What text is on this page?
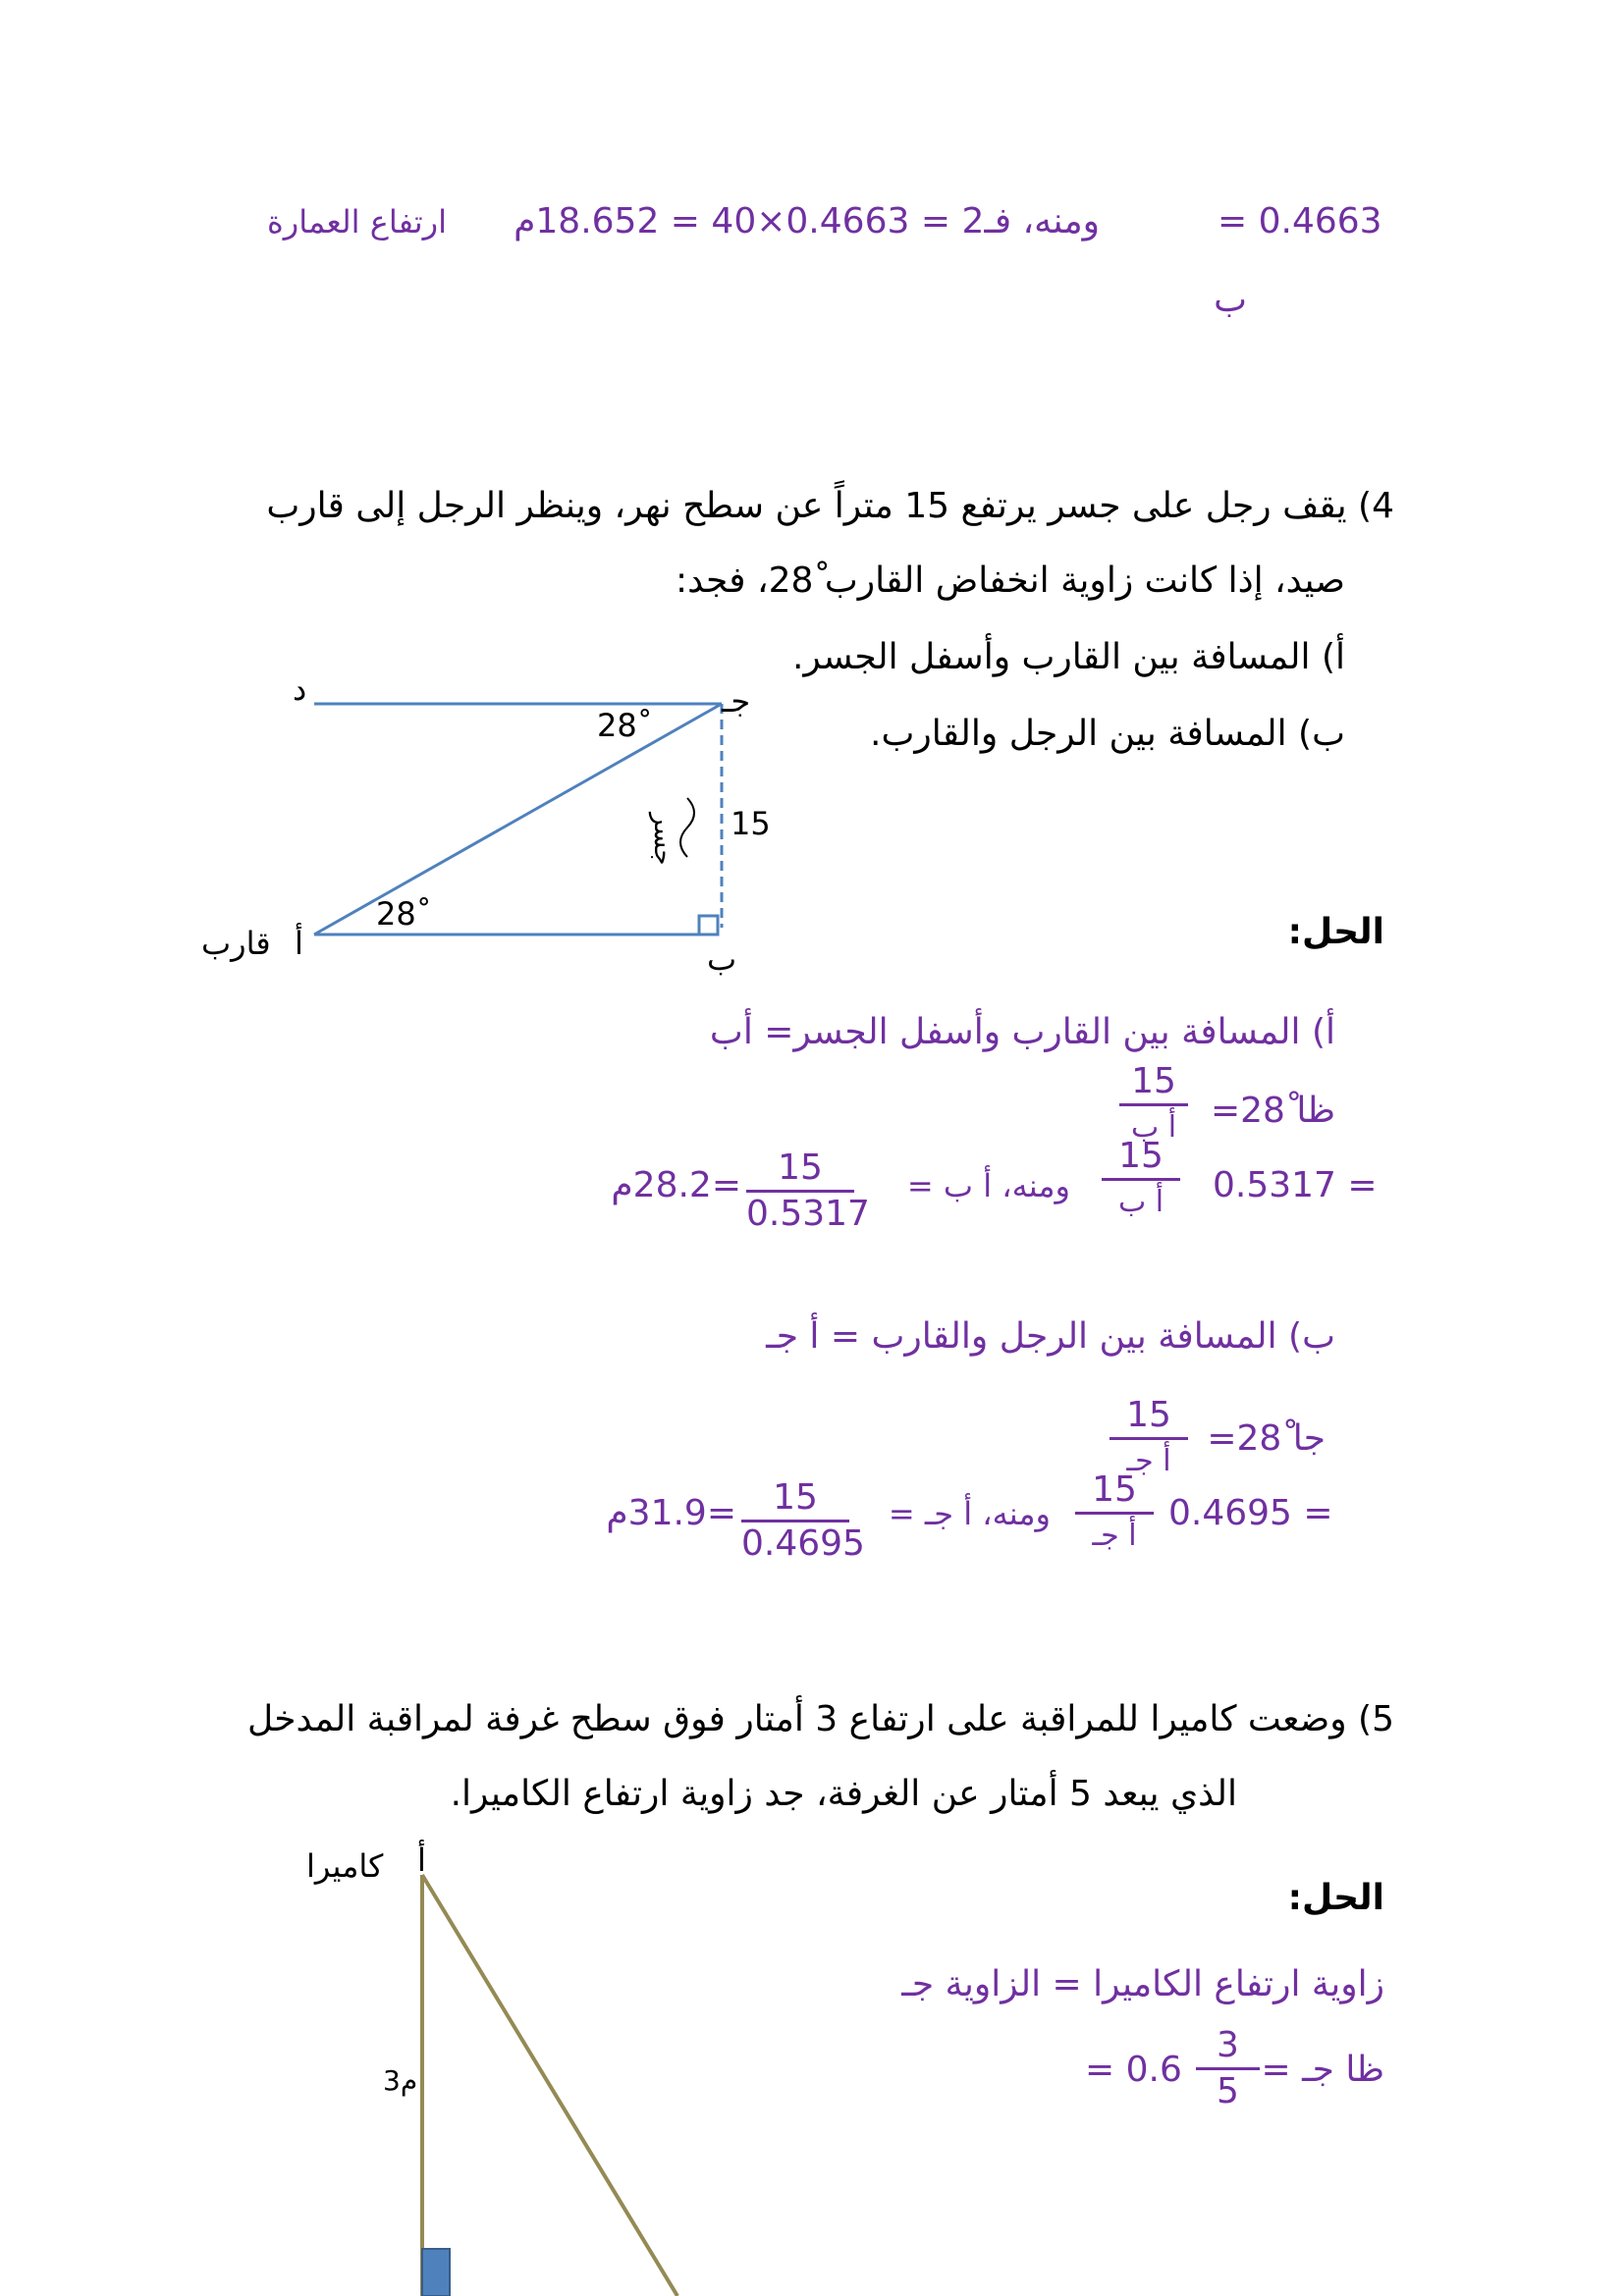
= 0.4663
ب
ومنه، فـ2 = 0.4663×40 = 18.652م
ارتفاع العمارة
4) يقف رجل على جسر يرتفع 15 متراً عن سطح نهر، وينظر الرجل إلى قارب
صيد، إذا كانت زاوية انخفاض القارب 28ْ، فجد:
أ) المسافة بين القارب وأسفل الجسر.
ب) المسافة بين الرجل والقارب.
د	جـ
ب
أ
قارب
15
جسر
28ْ
28ْ	الحل:
أ) المسافة بين القارب وأسفل الجسر= أب
ظا 28ْ=
15
أ ب
0.5317 =
15
أ ب
ومنه، أ ب =
15
0.5317
=28.2م
ب) المسافة بين الرجل والقارب = أ جـ
جا 28ْ=
15
أ جـ
0.4695 =
15
أ جـ
ومنه، أ جـ =
15
0.4695
=31.9م
5) وضعت كاميرا للمراقبة على ارتفاع 3 أمتار فوق سطح غرفة لمراقبة المدخل
الذي يبعد 5 أمتار عن الغرفة، جد زاوية ارتفاع الكاميرا.
أ
كاميرا
3م
الحل:
زاوية ارتفاع الكاميرا = الزاوية جـ
ظا جـ =
3
5
= 0.6
